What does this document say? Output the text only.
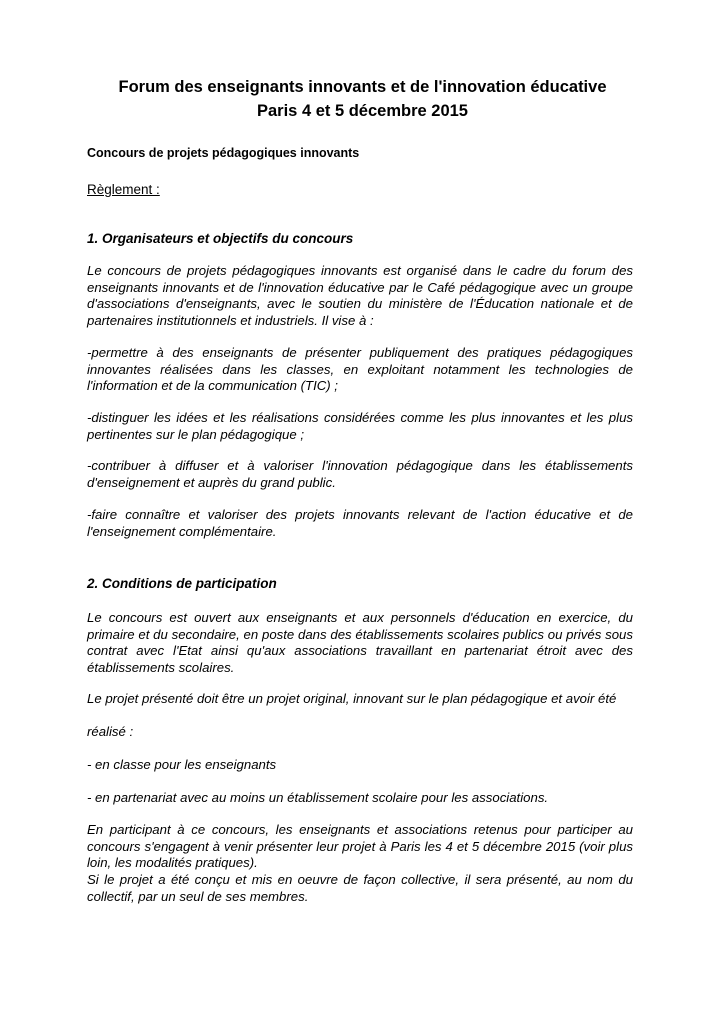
Forum des enseignants innovants et de l'innovation éducative
Paris 4 et 5 décembre 2015
Concours de projets pédagogiques innovants
Règlement :
1. Organisateurs et objectifs du concours

Le concours de projets pédagogiques innovants est organisé dans le cadre du forum des enseignants innovants et de l'innovation éducative par le Café pédagogique avec un groupe d'associations d'enseignants, avec le soutien du ministère de l'Éducation nationale et de partenaires institutionnels et industriels. Il vise à :

-permettre à des enseignants de présenter publiquement des pratiques pédagogiques innovantes réalisées dans les classes, en exploitant notamment les technologies de l'information et de la communication (TIC) ;

-distinguer les idées et les réalisations considérées comme les plus innovantes et les plus pertinentes sur le plan pédagogique ;

-contribuer à diffuser et à valoriser l'innovation pédagogique dans les établissements d'enseignement et auprès du grand public.

-faire connaître et valoriser des projets innovants relevant de l'action éducative et de l'enseignement complémentaire.

2. Conditions de participation

Le concours est ouvert aux enseignants et aux personnels d'éducation en exercice, du primaire et du secondaire, en poste dans des établissements scolaires publics ou privés sous contrat avec l'Etat ainsi qu'aux associations travaillant en partenariat étroit avec des établissements scolaires.

Le projet présenté doit être un projet original, innovant sur le plan pédagogique et avoir été

réalisé :

- en classe pour les enseignants

- en partenariat avec au moins un établissement scolaire pour les associations.

En participant à ce concours, les enseignants et associations retenus pour participer au concours s'engagent à venir présenter leur projet à Paris les 4 et 5 décembre 2015 (voir plus loin, les modalités pratiques).

Si le projet a été conçu et mis en oeuvre de façon collective, il sera présenté, au nom du collectif, par un seul de ses membres.
